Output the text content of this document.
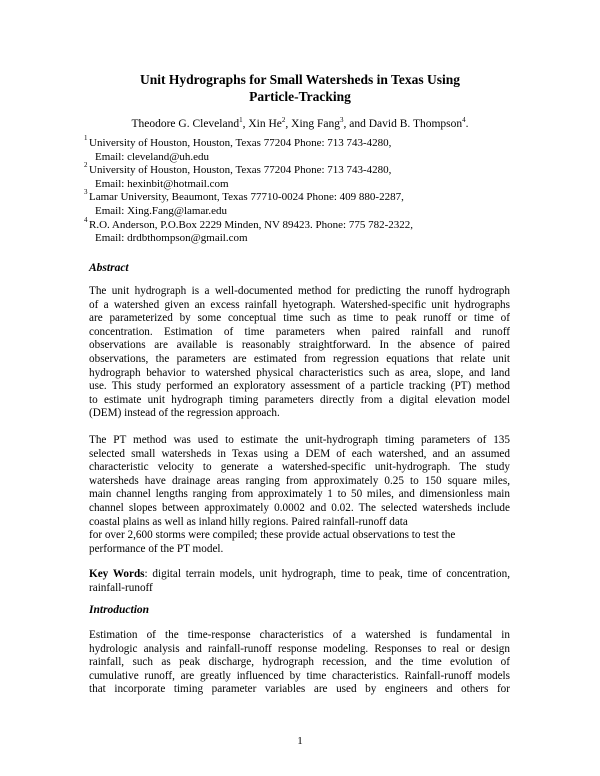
Unit Hydrographs for Small Watersheds in Texas Using
Particle-Tracking
Theodore G. Cleveland$^1$, Xin He$^2$, Xing Fang$^3$, and David B. Thompson$^4$.
1 University of Houston, Houston, Texas 77204 Phone: 713 743-4280,
Email: cleveland@uh.edu
2 University of Houston, Houston, Texas 77204 Phone: 713 743-4280,
Email: hexinbit@hotmail.com
3 Lamar University, Beaumont, Texas 77710-0024 Phone: 409 880-2287,
Email: Xing.Fang@lamar.edu
4 R.O. Anderson, P.O.Box 2229 Minden, NV 89423. Phone: 775 782-2322,
Email: drdbthompson@gmail.com
Abstract
The unit hydrograph is a well-documented method for predicting the runoff hydrograph
of a watershed given an excess rainfall hyetograph. Watershed-specific unit hydrographs
are parameterized by some conceptual time such as time to peak runoff or time of
concentration. Estimation of time parameters when paired rainfall and runoff
observations are available is reasonably straightforward. In the absence of paired
observations, the parameters are estimated from regression equations that relate unit
hydrograph behavior to watershed physical characteristics such as area, slope, and land
use. This study performed an exploratory assessment of a particle tracking (PT) method
to estimate unit hydrograph timing parameters directly from a digital elevation model
(DEM) instead of the regression approach.
The PT method was used to estimate the unit-hydrograph timing parameters of 135
selected small watersheds in Texas using a DEM of each watershed, and an assumed
characteristic velocity to generate a watershed-specific unit-hydrograph. The study
watersheds have drainage areas ranging from approximately 0.25 to 150 square miles,
main channel lengths ranging from approximately 1 to 50 miles, and dimensionless main
channel slopes between approximately 0.0002 and 0.02. The selected watersheds include
coastal plains as well as inland hilly regions. Paired rainfall-runoff data
for over 2,600 storms were compiled; these provide actual observations to test the
performance of the PT model.
Key Words: digital terrain models, unit hydrograph, time to peak, time of concentration,
rainfall-runoff
Introduction
Estimation of the time-response characteristics of a watershed is fundamental in
hydrologic analysis and rainfall-runoff response modeling. Responses to real or design
rainfall, such as peak discharge, hydrograph recession, and the time evolution of
cumulative runoff, are greatly influenced by time characteristics. Rainfall-runoff models
that incorporate timing parameter variables are used by engineers and others for
1
